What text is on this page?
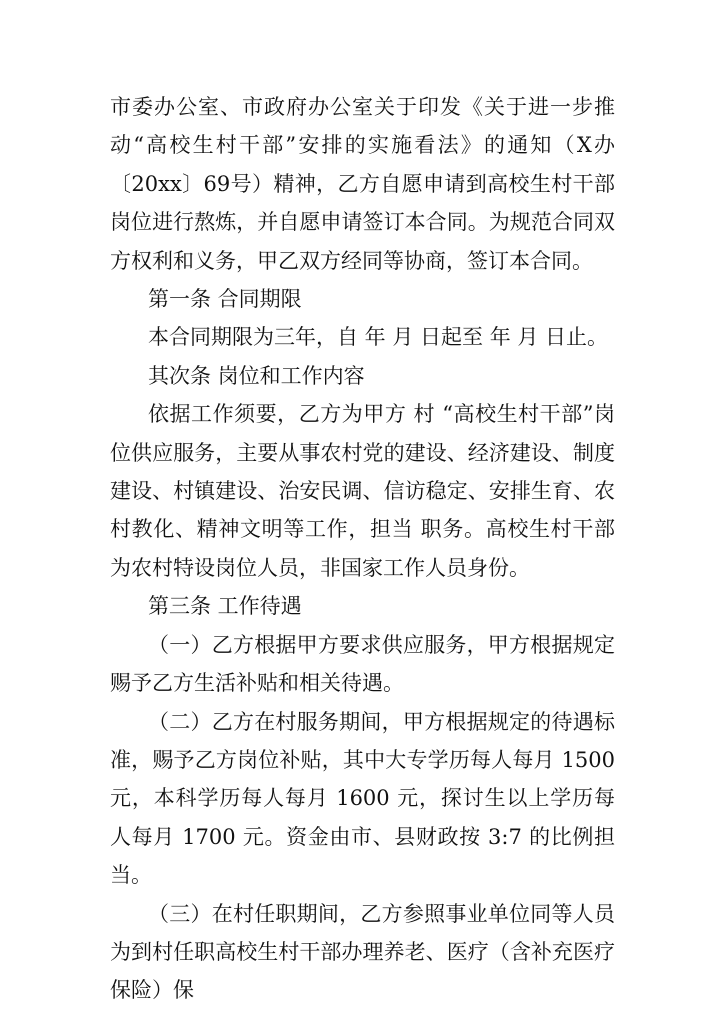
市委办公室、市政府办公室关于印发《关于进一步推动“高校生村干部”安排的实施看法》的通知（X办〔20xx〕69号）精神，乙方自愿申请到高校生村干部岗位进行熬炼，并自愿申请签订本合同。为规范合同双方权利和义务，甲乙双方经同等协商，签订本合同。

第一条 合同期限

本合同期限为三年，自 年 月 日起至 年 月 日止。

其次条 岗位和工作内容

依据工作须要，乙方为甲方 村 “高校生村干部”岗位供应服务，主要从事农村党的建设、经济建设、制度建设、村镇建设、治安民调、信访稳定、安排生育、农村教化、精神文明等工作，担当 职务。高校生村干部为农村特设岗位人员，非国家工作人员身份。

第三条 工作待遇

（一）乙方根据甲方要求供应服务，甲方根据规定赐予乙方生活补贴和相关待遇。

（二）乙方在村服务期间，甲方根据规定的待遇标准，赐予乙方岗位补贴，其中大专学历每人每月 1500 元，本科学历每人每月 1600 元，探讨生以上学历每人每月 1700 元。资金由市、县财政按 3:7 的比例担当。

（三）在村任职期间，乙方参照事业单位同等人员为到村任职高校生村干部办理养老、医疗（含补充医疗保险）保
